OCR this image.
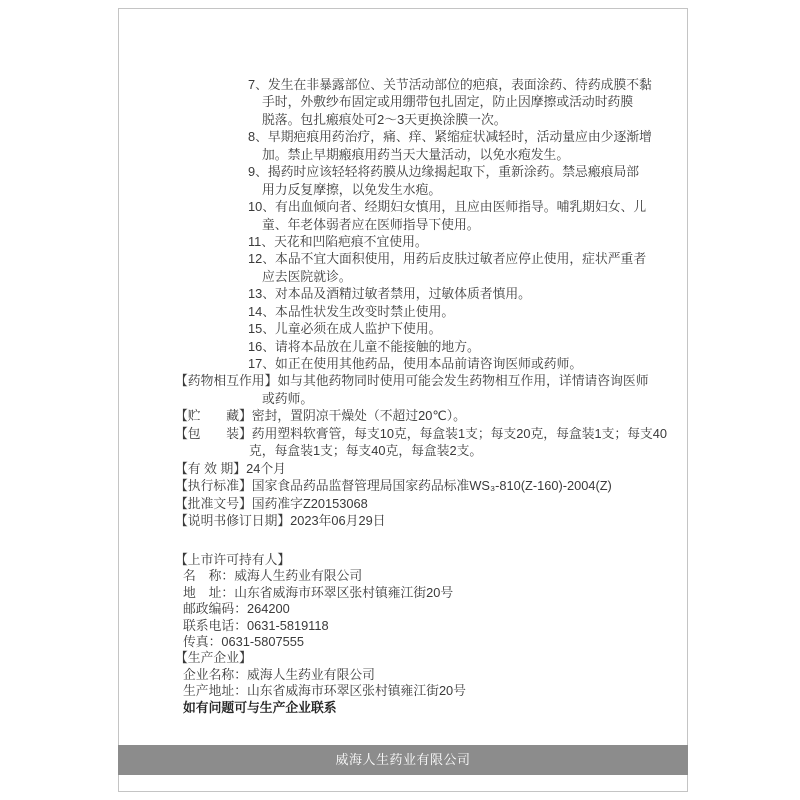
7、发生在非暴露部位、关节活动部位的疤痕，表面涂药、待药成膜不黏
手时，外敷纱布固定或用绷带包扎固定，防止因摩擦或活动时药膜
脱落。包扎瘢痕处可2～3天更换涂膜一次。
8、早期疤痕用药治疗，痛、痒、紧缩症状减轻时，活动量应由少逐渐增
加。禁止早期瘢痕用药当天大量活动，以免水疱发生。
9、揭药时应该轻轻将药膜从边缘揭起取下，重新涂药。禁忌瘢痕局部
用力反复摩擦，以免发生水疱。
10、有出血倾向者、经期妇女慎用，且应由医师指导。哺乳期妇女、儿
童、年老体弱者应在医师指导下使用。
11、天花和凹陷疤痕不宜使用。
12、本品不宜大面积使用，用药后皮肤过敏者应停止使用，症状严重者
应去医院就诊。
13、对本品及酒精过敏者禁用，过敏体质者慎用。
14、本品性状发生改变时禁止使用。
15、儿童必须在成人监护下使用。
16、请将本品放在儿童不能接触的地方。
17、如正在使用其他药品，使用本品前请咨询医师或药师。
【药物相互作用】如与其他药物同时使用可能会发生药物相互作用，详情请咨询医师
或药师。
【贮　　藏】密封，置阴凉干燥处（不超过20℃）。
【包　　装】药用塑料软膏管，每支10克，每盒装1支；每支20克，每盒装1支；每支40
克，每盒装1支；每支40克，每盒装2支。
【有 效 期】24个月
【执行标准】国家食品药品监督管理局国家药品标准WS₃-810(Z-160)-2004(Z)
【批准文号】国药准字Z20153068
【说明书修订日期】2023年06月29日
【上市许可持有人】
名　称：威海人生药业有限公司
地　址：山东省威海市环翠区张村镇雍江街20号
邮政编码：264200
联系电话：0631-5819118
传真：0631-5807555
【生产企业】
企业名称：威海人生药业有限公司
生产地址：山东省威海市环翠区张村镇雍江街20号
如有问题可与生产企业联系
威海人生药业有限公司
